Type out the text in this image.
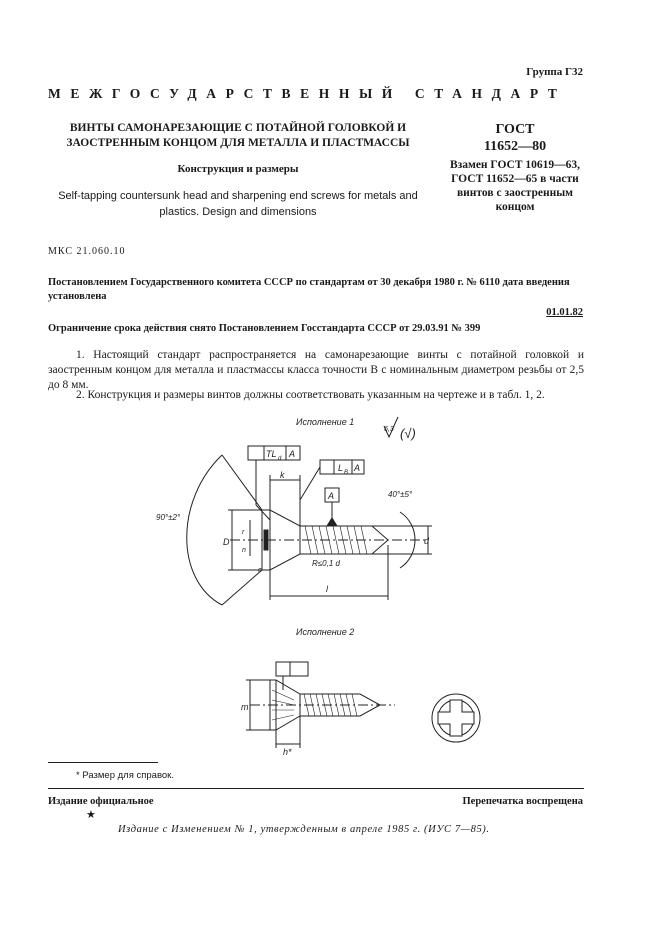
Группа Г32
МЕЖГОСУДАРСТВЕННЫЙ СТАНДАРТ
ВИНТЫ САМОНАРЕЗАЮЩИЕ С ПОТАЙНОЙ ГОЛОВКОЙ И ЗАОСТРЕННЫМ КОНЦОМ ДЛЯ МЕТАЛЛА И ПЛАСТМАССЫ
Конструкция и размеры
Self-tapping countersunk head and sharpening end screws for metals and plastics. Design and dimensions
ГОСТ
11652—80
Взамен ГОСТ 10619—63, ГОСТ 11652—65 в части винтов с заостренным концом
МКС 21.060.10
Постановлением Государственного комитета СССР по стандартам от 30 декабря 1980 г. № 6110 дата введения установлена
01.01.82
Ограничение срока действия снято Постановлением Госстандарта СССР от 29.03.91 № 399
1. Настоящий стандарт распространяется на самонарезающие винты с потайной головкой и заостренным концом для металла и пластмассы класса точности В с номинальным диаметром резьбы от 2,5 до 8 мм.
2. Конструкция и размеры винтов должны соответствовать указанным на чертеже и в табл. 1, 2.
Исполнение 1
Исполнение 2
6,3 (√)
TL d A
L B A
A
90°±2°
40°±5°
R≤0,1 d
k
D	d
l
r
n
c
m
h*
* Размер для справок.
Издание официальное	Перепечатка воспрещена
★
Издание с Изменением № 1, утвержденным в апреле 1985 г. (ИУС 7—85).
